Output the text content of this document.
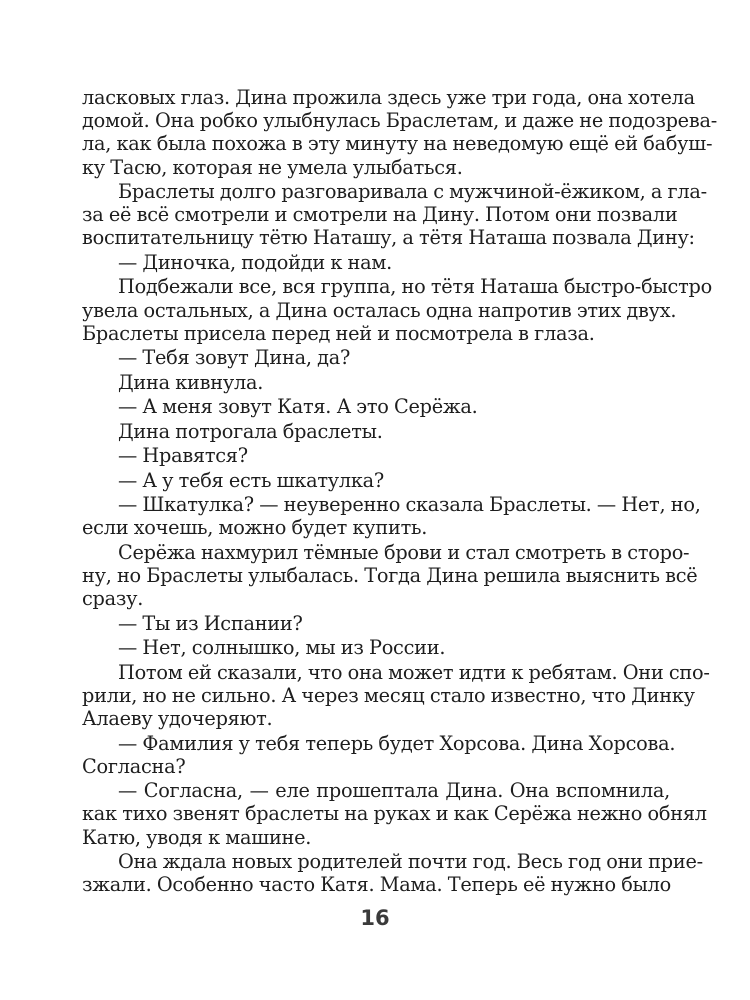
ласковых глаз. Дина прожила здесь уже три года, она хотела
домой. Она робко улыбнулась Браслетам, и даже не подозрева-
ла, как была похожа в эту минуту на неведомую ещё ей бабуш-
ку Тасю, которая не умела улыбаться.
Браслеты долго разговаривала с мужчиной-ёжиком, а гла-
за её всё смотрели и смотрели на Дину. Потом они позвали
воспитательницу тётю Наташу, а тётя Наташа позвала Дину:
— Диночка, подойди к нам.
Подбежали все, вся группа, но тётя Наташа быстро-быстро
увела остальных, а Дина осталась одна напротив этих двух.
Браслеты присела перед ней и посмотрела в глаза.
— Тебя зовут Дина, да?
Дина кивнула.
— А меня зовут Катя. А это Серёжа.
Дина потрогала браслеты.
— Нравятся?
— А у тебя есть шкатулка?
— Шкатулка? — неуверенно сказала Браслеты. — Нет, но,
если хочешь, можно будет купить.
Серёжа нахмурил тёмные брови и стал смотреть в сторо-
ну, но Браслеты улыбалась. Тогда Дина решила выяснить всё
сразу.
— Ты из Испании?
— Нет, солнышко, мы из России.
Потом ей сказали, что она может идти к ребятам. Они спо-
рили, но не сильно. А через месяц стало известно, что Динку
Алаеву удочеряют.
— Фамилия у тебя теперь будет Хорсова. Дина Хорсова.
Согласна?
— Согласна, — еле прошептала Дина. Она вспомнила,
как тихо звенят браслеты на руках и как Серёжа нежно обнял
Катю, уводя к машине.
Она ждала новых родителей почти год. Весь год они прие-
зжали. Особенно часто Катя. Мама. Теперь её нужно было
16
